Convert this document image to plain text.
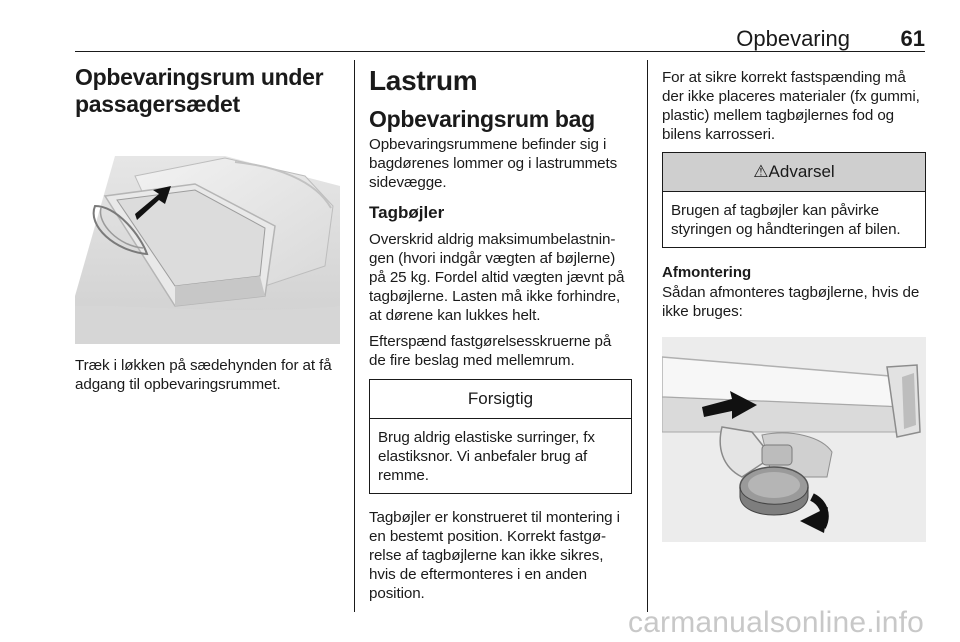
Opbevaring 61
Opbevaringsrum under passagersædet
Træk i løkken på sædehynden for at få adgang til opbevaringsrummet.
Lastrum
Opbevaringsrum bag
Opbevaringsrummene befinder sig i bagdørenes lommer og i lastrummets sidevægge.
Tagbøjler
Overskrid aldrig maksimumbelastningen (hvori indgår vægten af bøjlerne) på 25 kg. Fordel altid vægten jævnt på tagbøjlerne. Lasten må ikke forhindre, at dørene kan lukkes helt.
Efterspænd fastgørelsesskruerne på de fire beslag med mellemrum.
Forsigtig
Brug aldrig elastiske surringer, fx elastiksnor. Vi anbefaler brug af remme.
Tagbøjler er konstrueret til montering i en bestemt position. Korrekt fastgørelse af tagbøjlerne kan ikke sikres, hvis de eftermonteres i en anden position.
For at sikre korrekt fastspænding må der ikke placeres materialer (fx gummi, plastic) mellem tagbøjlernes fod og bilens karrosseri.
⚠Advarsel
Brugen af tagbøjler kan påvirke styringen og håndteringen af bilen.
Afmontering
Sådan afmonteres tagbøjlerne, hvis de ikke bruges:
carmanualsonline.info
